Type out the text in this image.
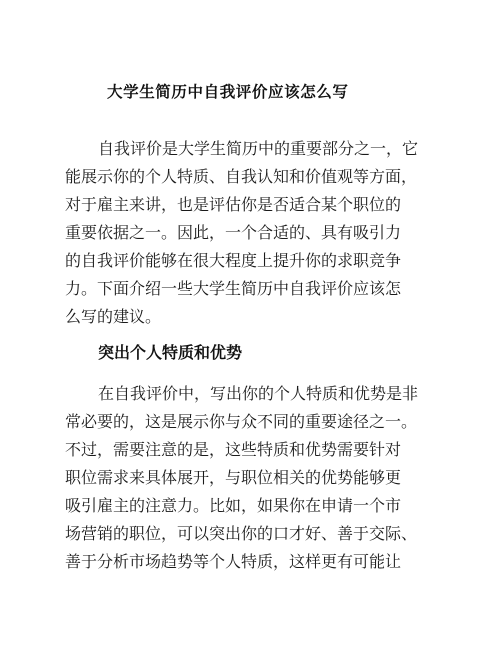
大学生简历中自我评价应该怎么写
自我评价是大学生简历中的重要部分之一，它
能展示你的个人特质、自我认知和价值观等方面，
对于雇主来讲，也是评估你是否适合某个职位的
重要依据之一。因此，一个合适的、具有吸引力
的自我评价能够在很大程度上提升你的求职竞争
力。下面介绍一些大学生简历中自我评价应该怎
么写的建议。
突出个人特质和优势
在自我评价中，写出你的个人特质和优势是非
常必要的，这是展示你与众不同的重要途径之一。
不过，需要注意的是，这些特质和优势需要针对
职位需求来具体展开，与职位相关的优势能够更
吸引雇主的注意力。比如，如果你在申请一个市
场营销的职位，可以突出你的口才好、善于交际、
善于分析市场趋势等个人特质，这样更有可能让
